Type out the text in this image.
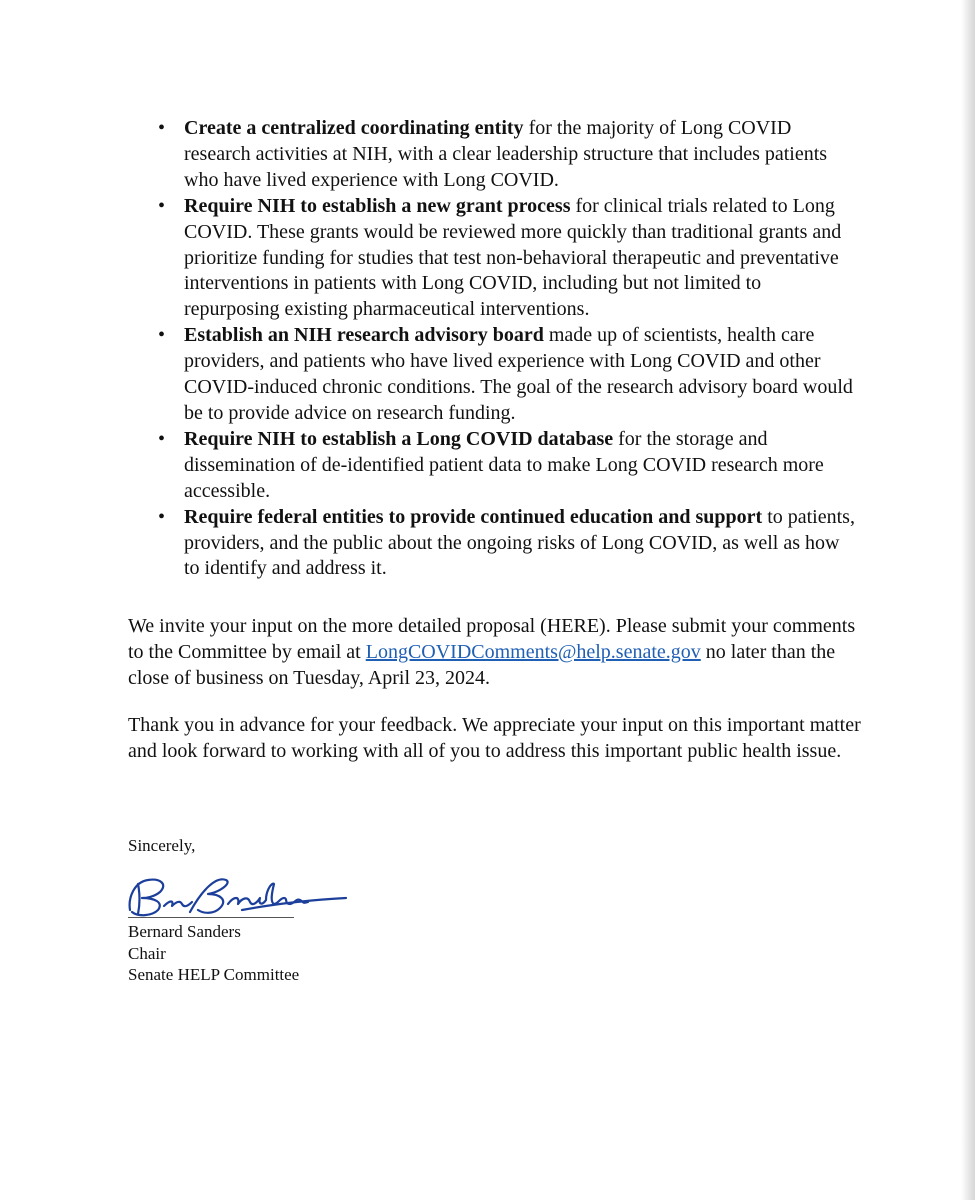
• Create a centralized coordinating entity for the majority of Long COVID research activities at NIH, with a clear leadership structure that includes patients who have lived experience with Long COVID.
• Require NIH to establish a new grant process for clinical trials related to Long COVID. These grants would be reviewed more quickly than traditional grants and prioritize funding for studies that test non-behavioral therapeutic and preventative interventions in patients with Long COVID, including but not limited to repurposing existing pharmaceutical interventions.
• Establish an NIH research advisory board made up of scientists, health care providers, and patients who have lived experience with Long COVID and other COVID-induced chronic conditions. The goal of the research advisory board would be to provide advice on research funding.
• Require NIH to establish a Long COVID database for the storage and dissemination of de-identified patient data to make Long COVID research more accessible.
• Require federal entities to provide continued education and support to patients, providers, and the public about the ongoing risks of Long COVID, as well as how to identify and address it.

We invite your input on the more detailed proposal (HERE). Please submit your comments to the Committee by email at LongCOVIDComments@help.senate.gov no later than the close of business on Tuesday, April 23, 2024.

Thank you in advance for your feedback. We appreciate your input on this important matter and look forward to working with all of you to address this important public health issue.

Sincerely,

Bernard Sanders
Chair
Senate HELP Committee
